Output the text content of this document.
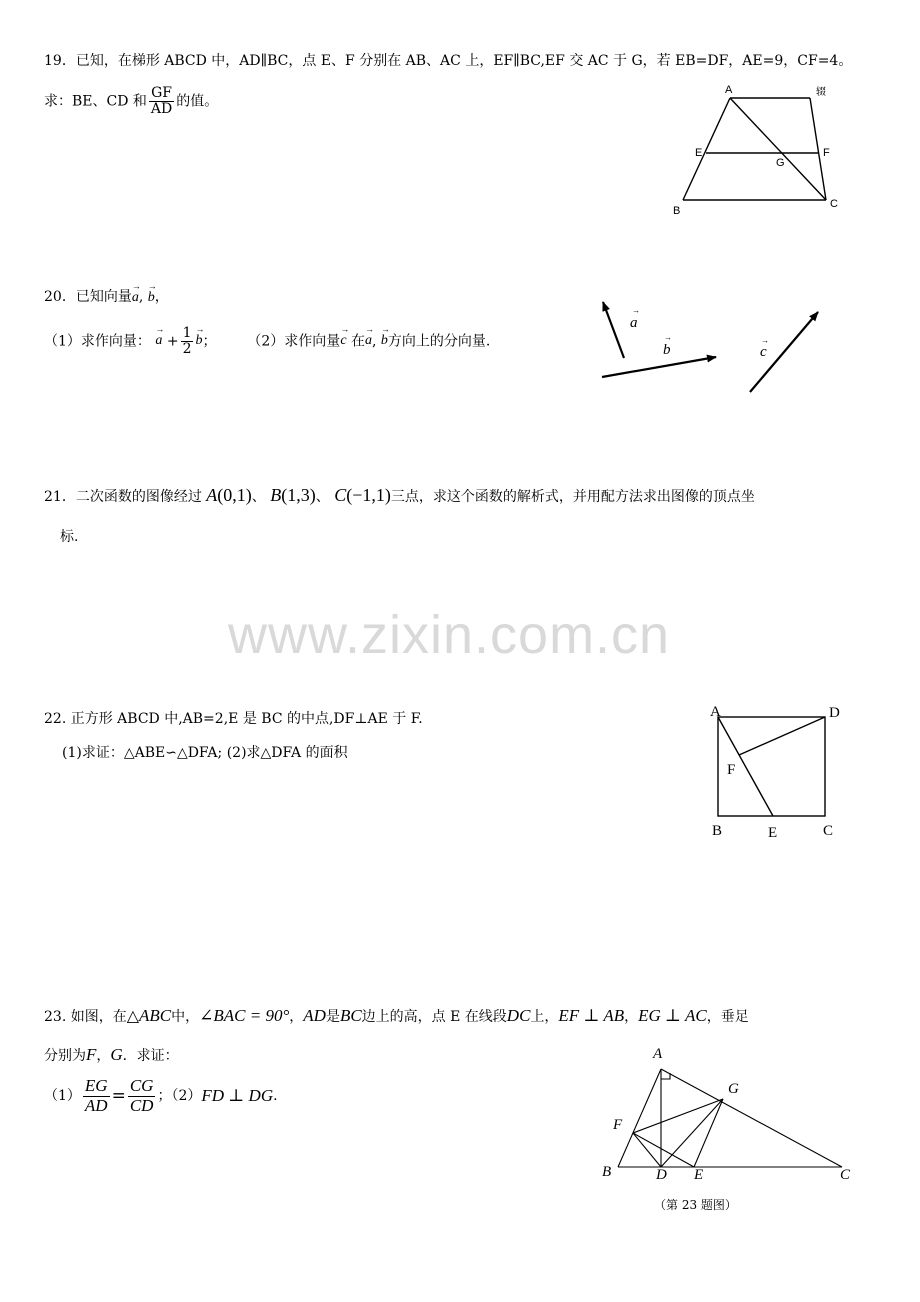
19．已知，在梯形 ABCD 中，AD∥BC，点 E、F 分别在 AB、AC 上，EF∥BC,EF 交 AC 于 G，若 EB=DF，AE=9，CF=4。
求：BE、CD 和 $\frac{GF}{AD}$ 的值。
A	辍
E
G
F
B
C
20．已知向量→ a, → b，
（1）求作向量： → $a + \frac{1}{2}$
→ b； （2）求作向量→ c 在→ a, → b方向上的分向量.
a
→
b
→
c
→
21．二次函数的图像经过 A(0,1)、 B(1,3)、 C(−1,1)三点，求这个函数的解析式，并用配方法求出图像的顶点坐
标.
www.zixin.com.cn
22. 正方形 ABCD 中,AB=2,E 是 BC 的中点,DF⊥AE 于 F.
(1)求证：△ABE∽△DFA; (2)求△DFA 的面积
A	D
F
B	E	C
23. 如图，在△ABC中，∠BAC = 90°，AD是BC边上的高，点 E 在线段DC上，EF ⊥ AB，EG ⊥ AC，垂足
分别为F，G．求证：
$(1) \frac{EG}{AD} = \frac{CG}{CD}$ ；（2）FD ⊥ DG.
A
G
F
B	D E	C
（第 23 题图）
